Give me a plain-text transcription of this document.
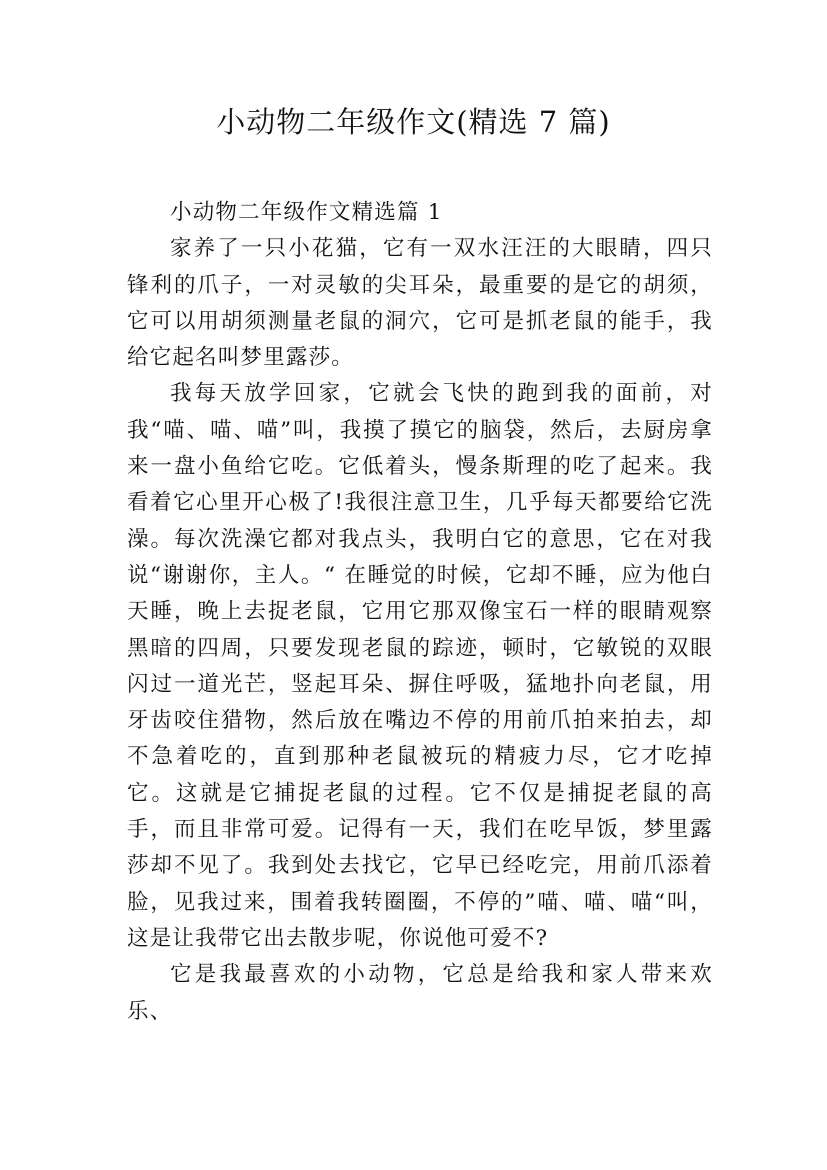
小动物二年级作文(精选 7 篇)
小动物二年级作文精选篇 1

家养了一只小花猫，它有一双水汪汪的大眼睛，四只锋利的爪子，一对灵敏的尖耳朵，最重要的是它的胡须，它可以用胡须测量老鼠的洞穴，它可是抓老鼠的能手，我给它起名叫梦里露莎。

我每天放学回家，它就会飞快的跑到我的面前，对我“喵、喵、喵”叫，我摸了摸它的脑袋，然后，去厨房拿来一盘小鱼给它吃。它低着头，慢条斯理的吃了起来。我看着它心里开心极了!我很注意卫生，几乎每天都要给它洗澡。每次洗澡它都对我点头，我明白它的意思，它在对我说“谢谢你，主人。“ 在睡觉的时候，它却不睡，应为他白天睡，晚上去捉老鼠，它用它那双像宝石一样的眼睛观察黑暗的四周，只要发现老鼠的踪迹，顿时，它敏锐的双眼闪过一道光芒，竖起耳朵、摒住呼吸，猛地扑向老鼠，用牙齿咬住猎物，然后放在嘴边不停的用前爪拍来拍去，却不急着吃的，直到那种老鼠被玩的精疲力尽，它才吃掉它。这就是它捕捉老鼠的过程。它不仅是捕捉老鼠的高手，而且非常可爱。记得有一天，我们在吃早饭，梦里露莎却不见了。我到处去找它，它早已经吃完，用前爪添着脸，见我过来，围着我转圈圈，不停的”喵、喵、喵“叫，这是让我带它出去散步呢，你说他可爱不?

它是我最喜欢的小动物，它总是给我和家人带来欢乐、
